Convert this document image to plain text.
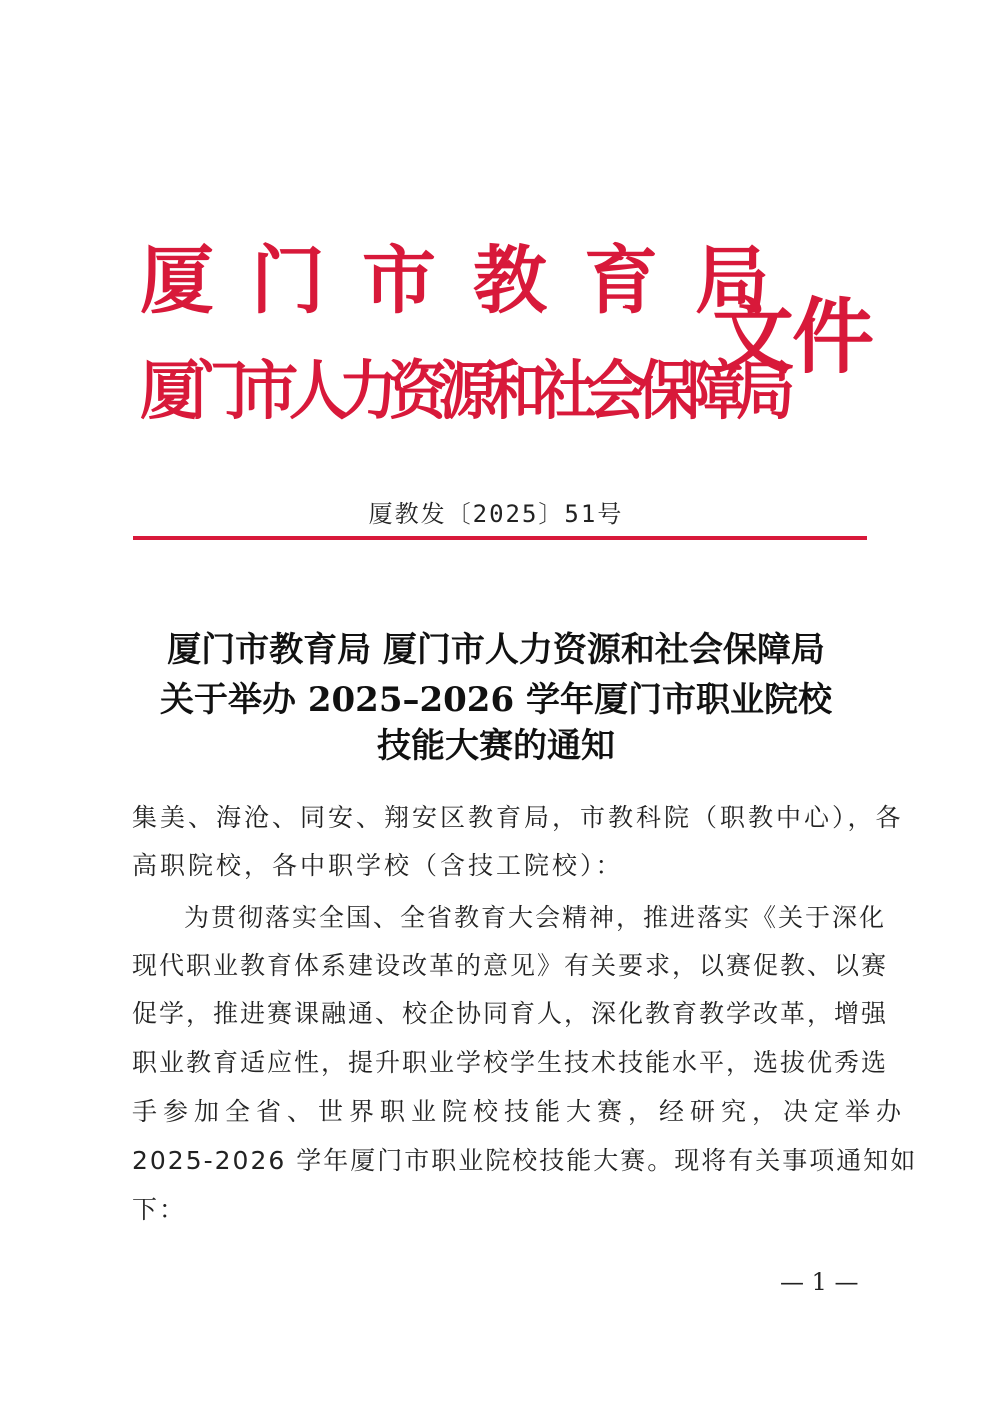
厦门市教育局
厦门市人力资源和社会保障局
文件
厦教发〔2025〕51号
厦门市教育局 厦门市人力资源和社会保障局
关于举办 2025–2026 学年厦门市职业院校
技能大赛的通知
集美、海沧、同安、翔安区教育局，市教科院（职教中心），各
高职院校，各中职学校（含技工院校）：
为贯彻落实全国、全省教育大会精神，推进落实《关于深化
现代职业教育体系建设改革的意见》有关要求，以赛促教、以赛
促学，推进赛课融通、校企协同育人，深化教育教学改革，增强
职业教育适应性，提升职业学校学生技术技能水平，选拔优秀选
手参加全省、世界职业院校技能大赛，经研究，决定举办
2025-2026 学年厦门市职业院校技能大赛。现将有关事项通知如
下：
— 1 —
